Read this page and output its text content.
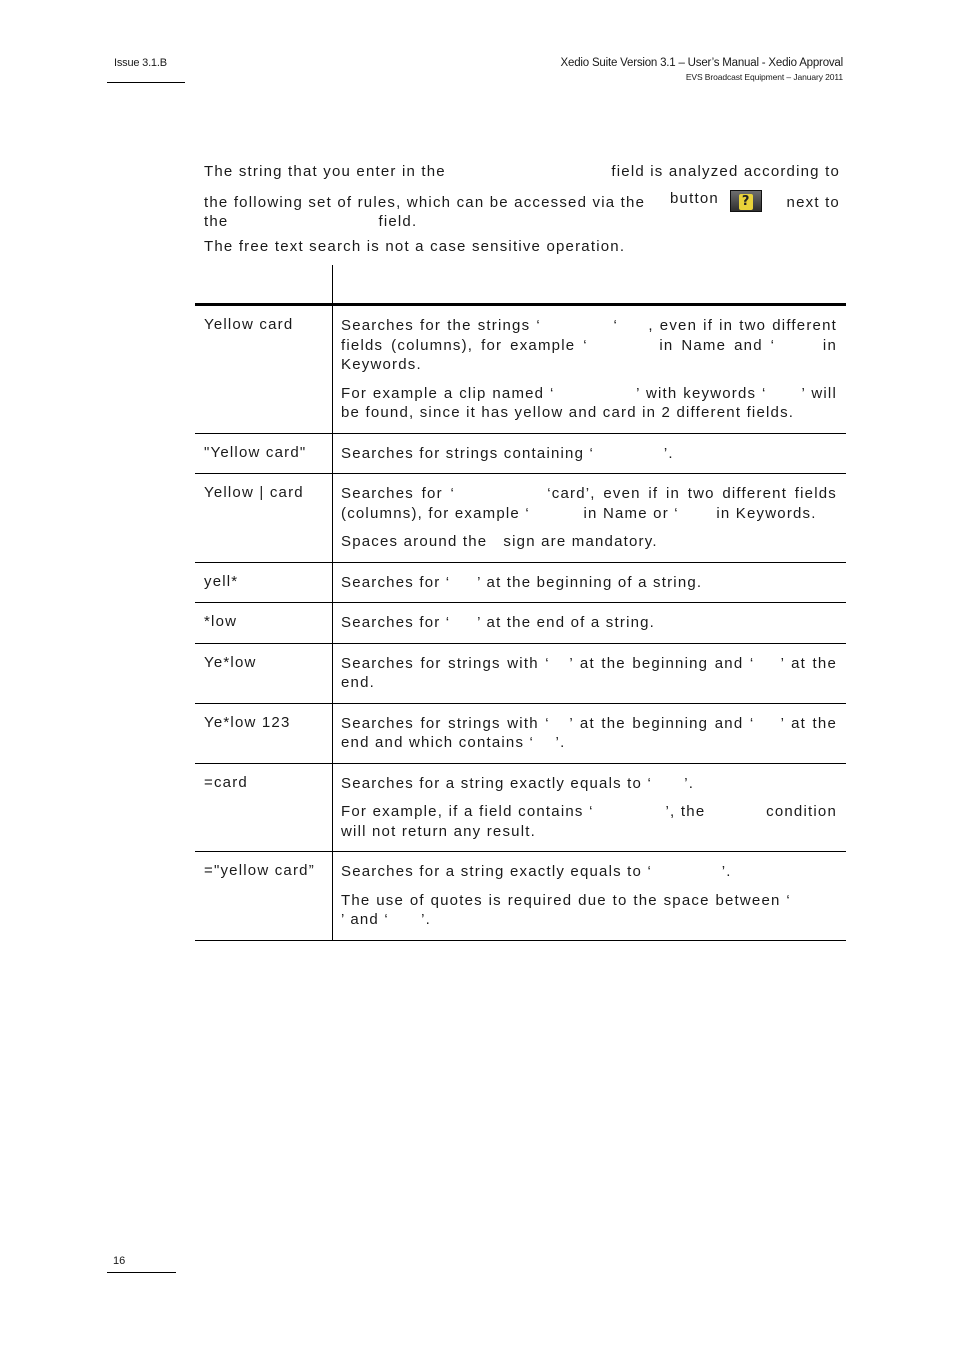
Issue 3.1.B	Xedio Suite Version 3.1 – User’s Manual - Xedio Approval
EVS Broadcast Equipment – January 2011
The string that you enter in the	field is analyzed according to
the following set of rules, which can be accessed via the button ?	next to
the	field.
The free text search is not a case sensitive operation.

Yellow card	Searches for the strings ‘            ‘     , even if in two different fields (columns), for example ‘         in Name and ‘      in Keywords.

For example a clip named ‘              ’ with keywords ‘      ’ will be found, since it has yellow and card in 2 different fields.

"Yellow card"	Searches for strings containing ‘             ’.

Yellow | card	Searches for ‘            ‘card’, even if in two different fields (columns), for example ‘          in Name or ‘       in Keywords.

Spaces around the   sign are mandatory.

yell*	Searches for ‘     ’ at the beginning of a string.

*low	Searches for ‘     ’ at the end of a string.

Ye*low	Searches for strings with ‘   ’ at the beginning and ‘    ’ at the end.

Ye*low 123	Searches for strings with ‘   ’ at the beginning and ‘    ’ at the end and which contains ‘    ’.

=card	Searches for a string exactly equals to ‘      ’.

For example, if a field contains ‘             ’, the           condition will not return any result.

="yellow card”	Searches for a string exactly equals to ‘             ’.

The use of quotes is required due to the space between ‘         ’ and ‘      ’.

16
